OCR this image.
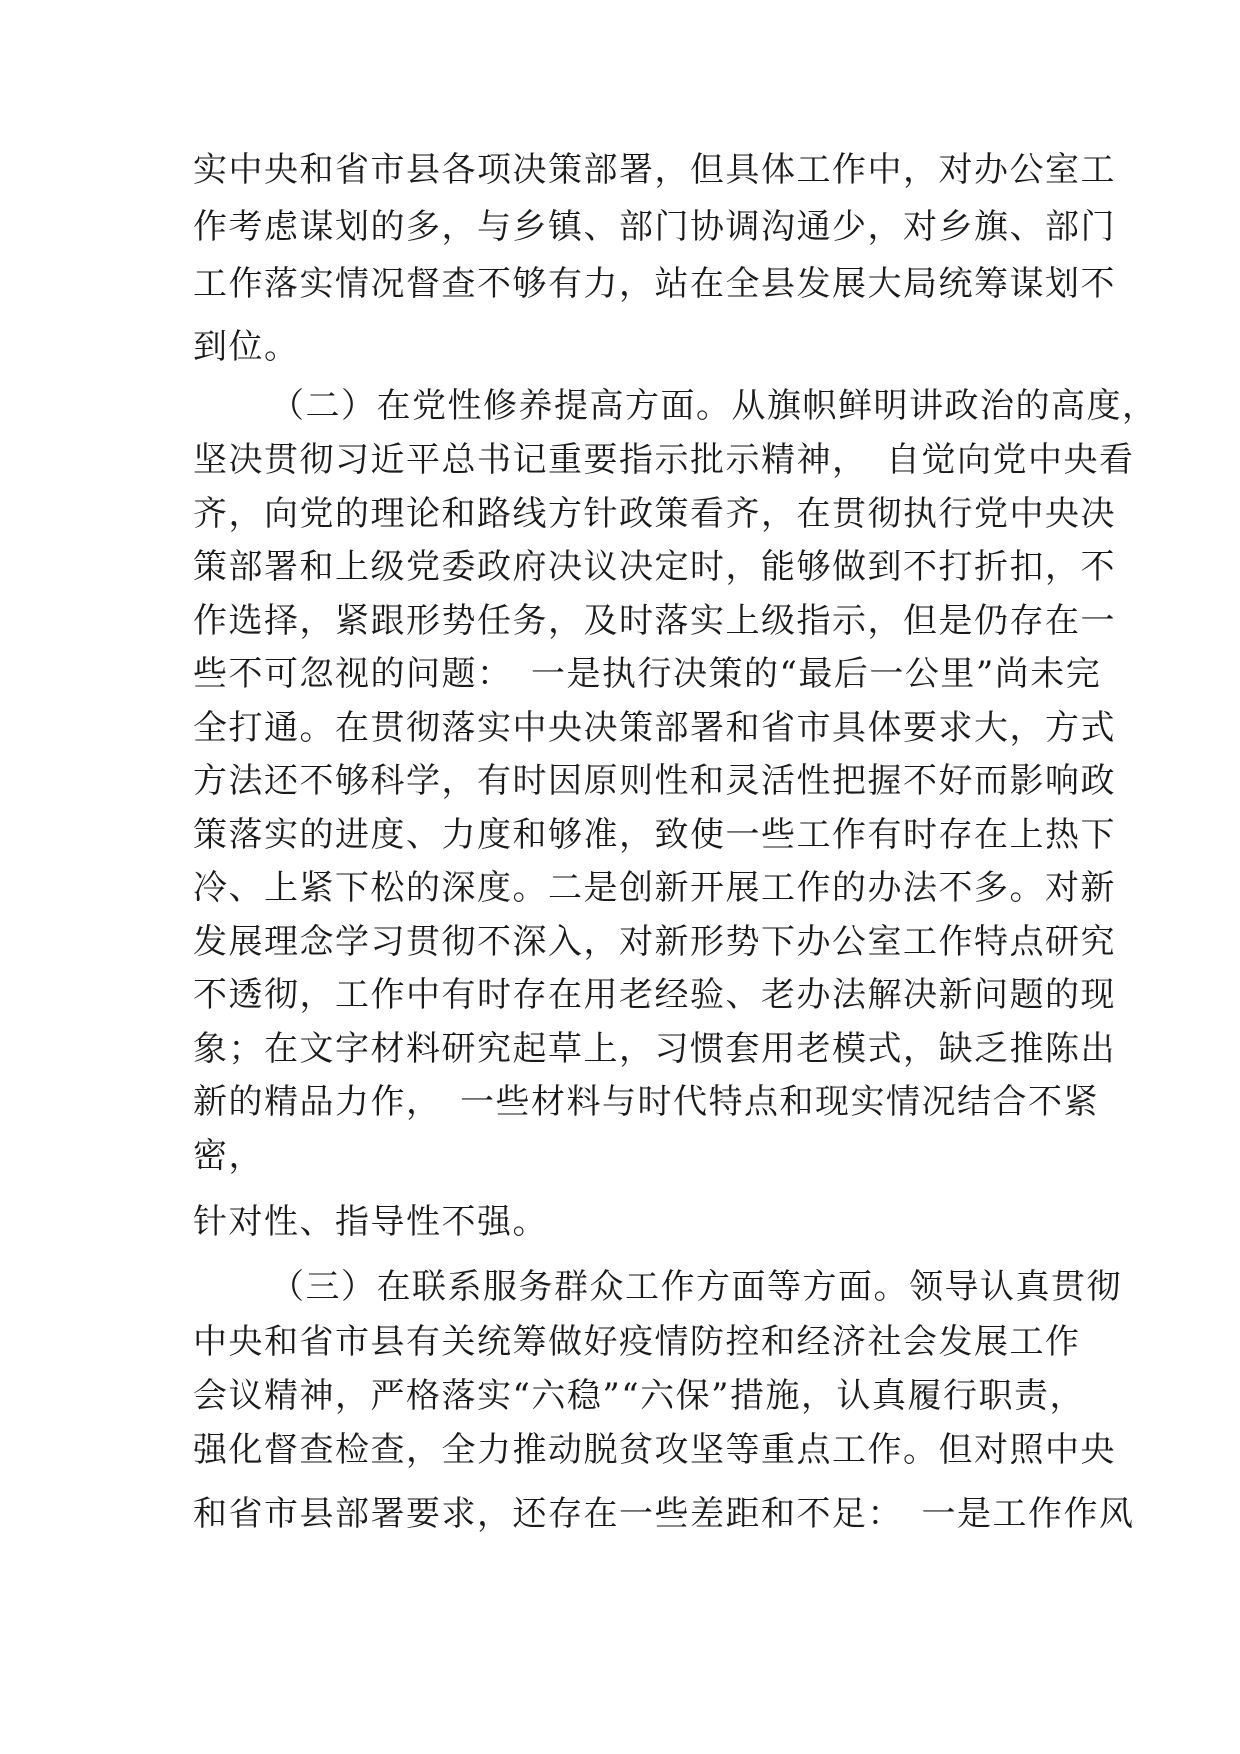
实中央和省市县各项决策部署，但具体工作中，对办公室工
作考虑谋划的多，与乡镇、部门协调沟通少，对乡旗、部门
工作落实情况督查不够有力，站在全县发展大局统筹谋划不
到位。
（二）在党性修养提高方面。从旗帜鲜明讲政治的高度，
坚决贯彻习近平总书记重要指示批示精神，　自觉向党中央看
齐，向党的理论和路线方针政策看齐，在贯彻执行党中央决
策部署和上级党委政府决议决定时，能够做到不打折扣，不
作选择，紧跟形势任务，及时落实上级指示，但是仍存在一
些不可忽视的问题：　一是执行决策的“最后一公里”尚未完
全打通。在贯彻落实中央决策部署和省市具体要求大，方式
方法还不够科学，有时因原则性和灵活性把握不好而影响政
策落实的进度、力度和够准，致使一些工作有时存在上热下
冷、上紧下松的深度。二是创新开展工作的办法不多。对新
发展理念学习贯彻不深入，对新形势下办公室工作特点研究
不透彻，工作中有时存在用老经验、老办法解决新问题的现
象；在文字材料研究起草上，习惯套用老模式，缺乏推陈出
新的精品力作，　一些材料与时代特点和现实情况结合不紧
密，
针对性、指导性不强。
（三）在联系服务群众工作方面等方面。领导认真贯彻
中央和省市县有关统筹做好疫情防控和经济社会发展工作
会议精神，严格落实“六稳”“六保”措施，认真履行职责，
强化督查检查，全力推动脱贫攻坚等重点工作。但对照中央
和省市县部署要求，还存在一些差距和不足：　一是工作作风
